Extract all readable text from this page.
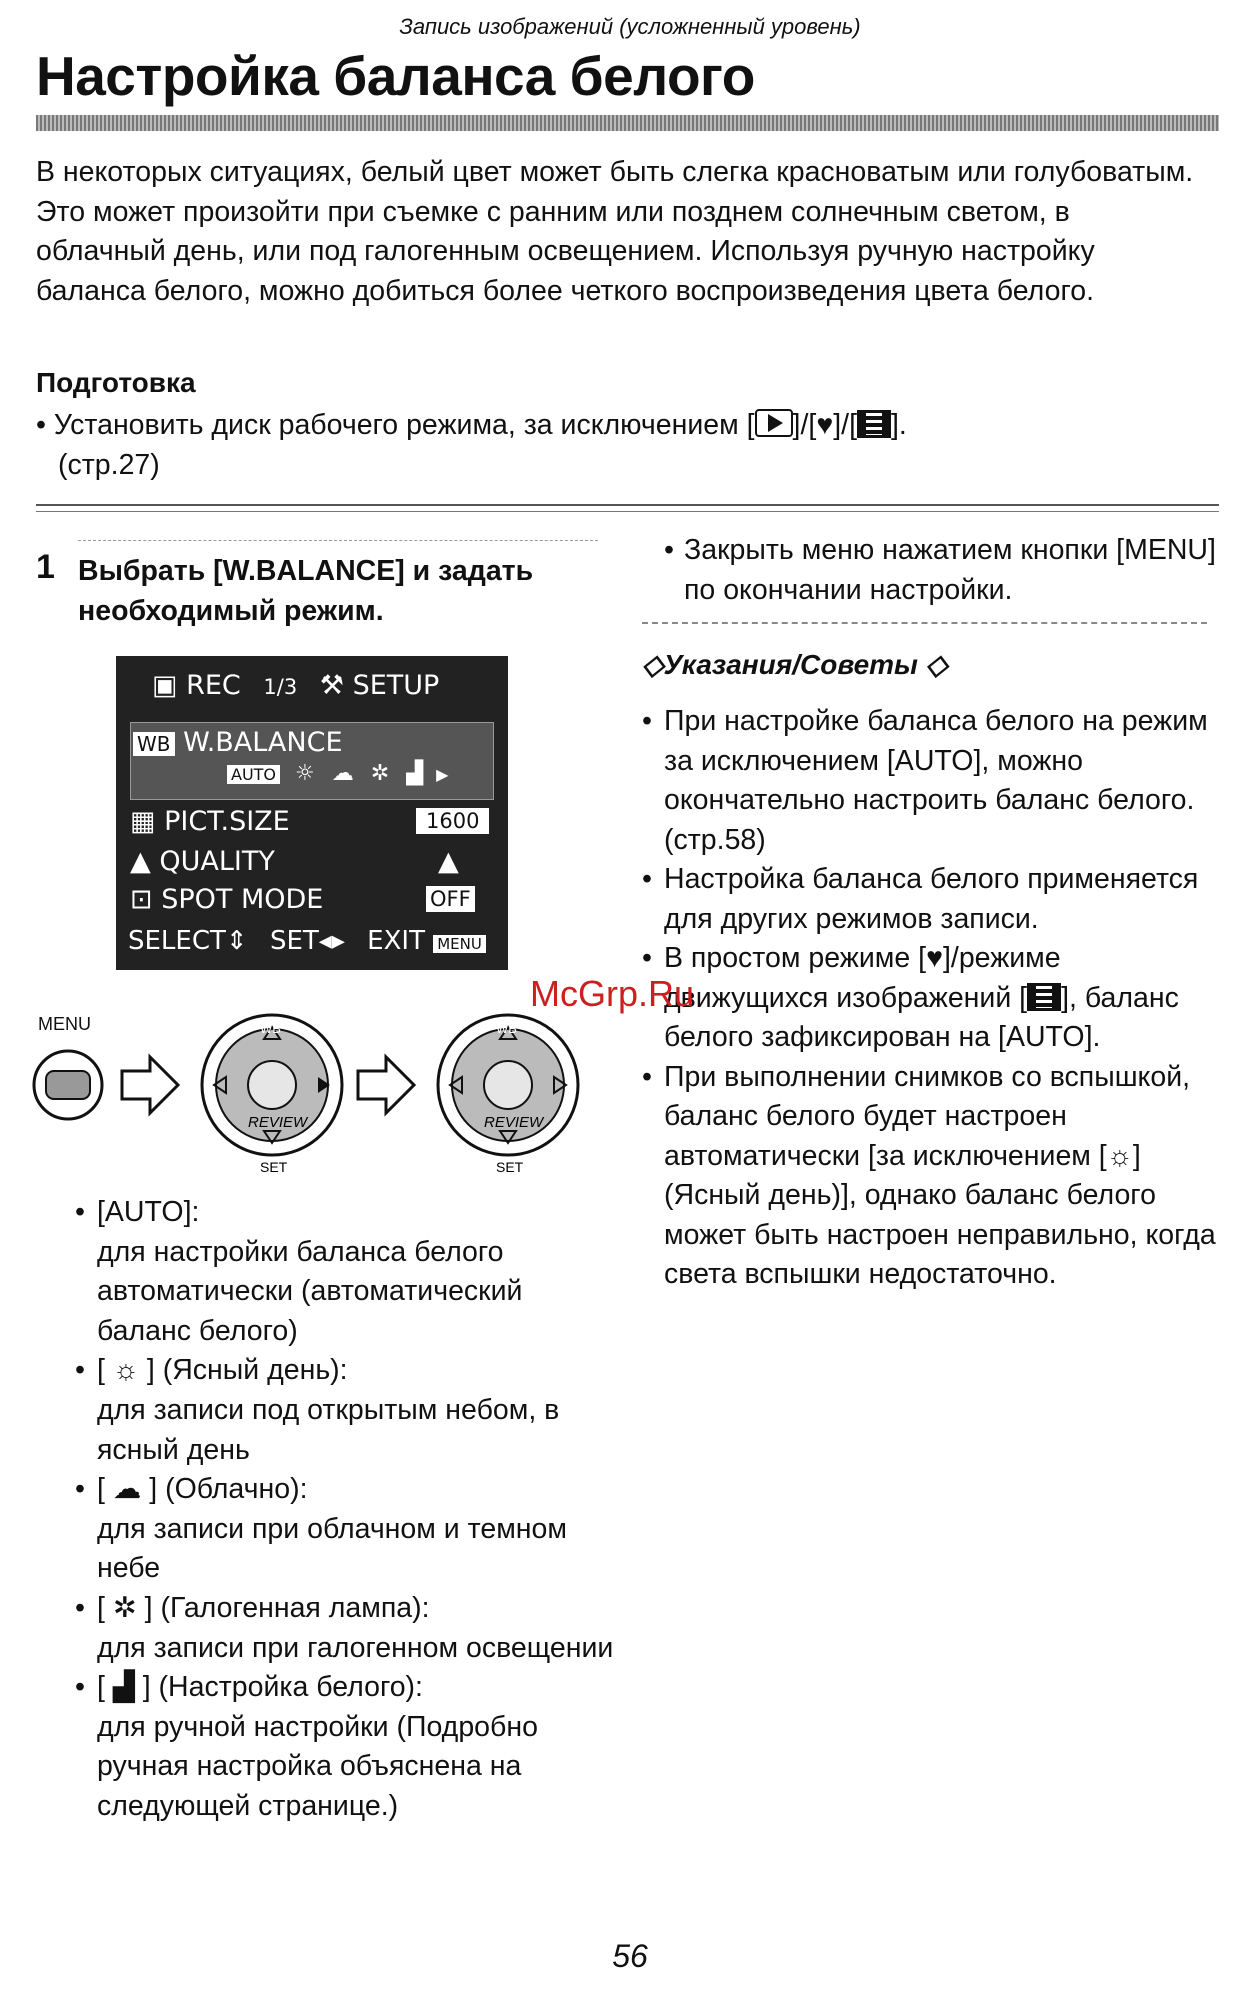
Запись изображений (усложненный уровень)
Настройка баланса белого
В некоторых ситуациях, белый цвет может быть слегка красноватым или голубоватым. Это может произойти при съемке с ранним или позднем солнечным светом, в облачный день, или под галогенным освещением. Используя ручную настройку баланса белого, можно добиться более четкого воспроизведения цвета белого.
Подготовка
• Установить диск рабочего режима, за исключением [ ]/[♥]/[ ].
(стр.27)
1 Выбрать [W.BALANCE] и задать необходимый режим.
▣ REC 1/3 ⚒ SETUP
WB W.BALANCE
AUTO ☼ ☁ ✲ ▟ ▶
▦ PICT.SIZE	1600
▲ QUALITY	▲
⊡ SPOT MODE	OFF
SELECT⇕ SET◂▸ EXIT MENU
MENU	WB	WB
REVIEW	REVIEW
SET	SET
• Закрыть меню нажатием кнопки [MENU] по окончании настройки.
◇Указания/Советы ◇
• При настройке баланса белого на режим за исключением [AUTO], можно окончательно настроить баланс белого. (стр.58)
• Настройка баланса белого применяется для других режимов записи.
• В простом режиме [♥]/режиме движущихся изображений [ ], баланс белого зафиксирован на [AUTO].
• При выполнении снимков со вспышкой, баланс белого будет настроен автоматически [за исключением [☼] (Ясный день)], однако баланс белого может быть настроен неправильно, когда света вспышки недостаточно.
McGrp.Ru
• [AUTO]:
для настройки баланса белого автоматически (автоматический баланс белого)
• [ ☼ ] (Ясный день):
для записи под открытым небом, в ясный день
• [ ☁ ] (Облачно):
для записи при облачном и темном небе
• [ ✲ ] (Галогенная лампа):
для записи при галогенном освещении
• [ ▟ ] (Настройка белого):
для ручной настройки (Подробно ручная настройка объяснена на следующей странице.)
56
